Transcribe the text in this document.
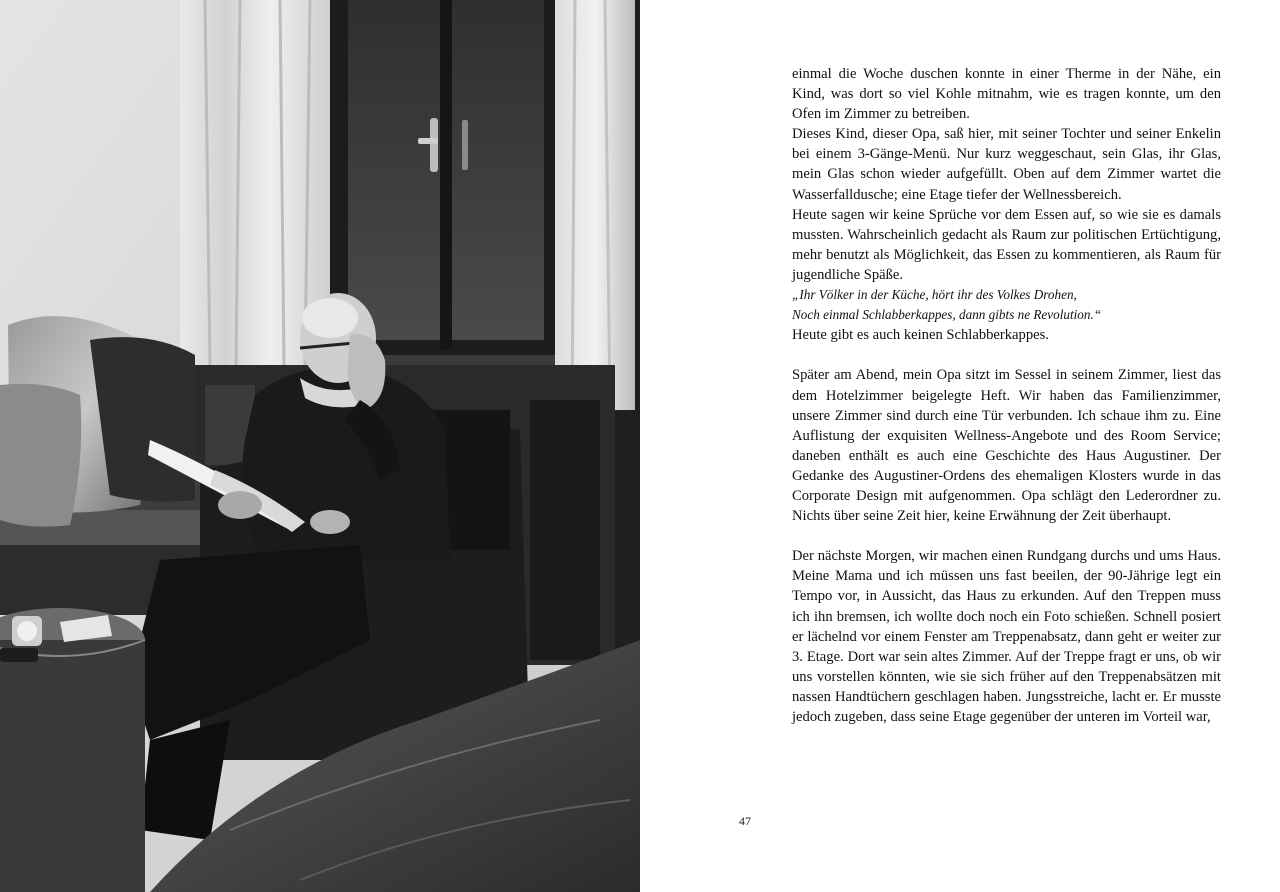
einmal die Woche duschen konnte in einer Therme in der Nähe, ein Kind, was dort so viel Kohle mitnahm, wie es tragen konnte, um den Ofen im Zimmer zu betreiben.

Dieses Kind, dieser Opa, saß hier, mit seiner Tochter und seiner Enkelin bei einem 3-Gänge-Menü. Nur kurz weggeschaut, sein Glas, ihr Glas, mein Glas schon wieder aufgefüllt. Oben auf dem Zimmer wartet die Wasserfalldusche; eine Etage tiefer der Wellnessbereich.

Heute sagen wir keine Sprüche vor dem Essen auf, so wie sie es damals mussten. Wahrscheinlich gedacht als Raum zur politischen Ertüchtigung, mehr benutzt als Möglichkeit, das Essen zu kommentieren, als Raum für jugendliche Späße.

„Ihr Völker in der Küche, hört ihr des Volkes Drohen,

Noch einmal Schlabberkappes, dann gibts ne Revolution.“

Heute gibt es auch keinen Schlabberkappes.

Später am Abend, mein Opa sitzt im Sessel in seinem Zimmer, liest das dem Hotelzimmer beigelegte Heft. Wir haben das Familienzimmer, unsere Zimmer sind durch eine Tür verbunden. Ich schaue ihm zu. Eine Auflistung der exquisiten Wellness-Angebote und des Room Service; daneben enthält es auch eine Geschichte des Haus Augustiner. Der Gedanke des Augustiner-Ordens des ehemaligen Klosters wurde in das Corporate Design mit aufgenommen. Opa schlägt den Lederordner zu. Nichts über seine Zeit hier, keine Erwähnung der Zeit überhaupt.

Der nächste Morgen, wir machen einen Rundgang durchs und ums Haus. Meine Mama und ich müssen uns fast beeilen, der 90-Jährige legt ein Tempo vor, in Aussicht, das Haus zu erkunden. Auf den Treppen muss ich ihn bremsen, ich wollte doch noch ein Foto schießen. Schnell posiert er lächelnd vor einem Fenster am Treppenabsatz, dann geht er weiter zur 3. Etage. Dort war sein altes Zimmer. Auf der Treppe fragt er uns, ob wir uns vorstellen könnten, wie sie sich früher auf den Treppenabsätzen mit nassen Handtüchern geschlagen haben. Jungsstreiche, lacht er. Er musste jedoch zugeben, dass seine Etage gegenüber der unteren im Vorteil war,

47
